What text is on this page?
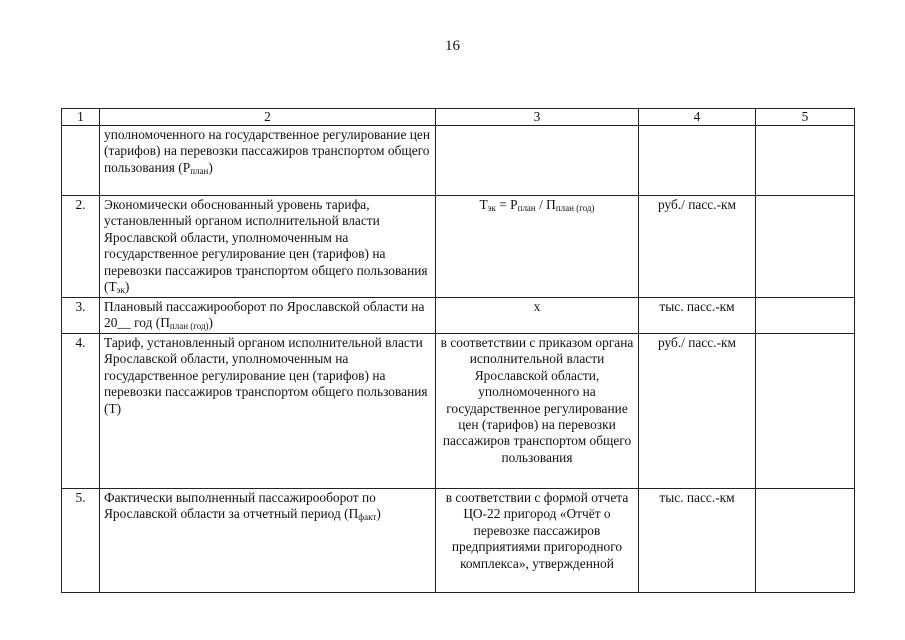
16
1	2	3	4	5
	уполномоченного на государственное регулирование цен (тарифов) на перевозки пассажиров транспортом общего пользования $(Р_{план})$			
2.	Экономически обоснованный уровень тарифа, установленный органом исполнительной власти Ярославской области, уполномоченным на государственное регулирование цен (тарифов) на перевозки пассажиров транспортом общего пользования $(Т_{эк})$	$Т_{эк} = Р_{план} / П_{план (год)}$	руб./ пасс.-км	
3.	Плановый пассажирооборот по Ярославской области на 20__ год $(П_{план (год)})$	х	тыс. пасс.-км	
4.	Тариф, установленный органом исполнительной власти Ярославской области, уполномоченным на государственное регулирование цен (тарифов) на перевозки пассажиров транспортом общего пользования (Т)	в соответствии с приказом органа исполнительной власти Ярославской области, уполномоченного на государственное регулирование цен (тарифов) на перевозки пассажиров транспортом общего пользования	руб./ пасс.-км	
5.	Фактически выполненный пассажирооборот по Ярославской области за отчетный период $(П_{факт})$	в соответствии с формой отчета ЦО-22 пригород «Отчёт о перевозке пассажиров предприятиями пригородного комплекса», утвержденной	тыс. пасс.-км	
